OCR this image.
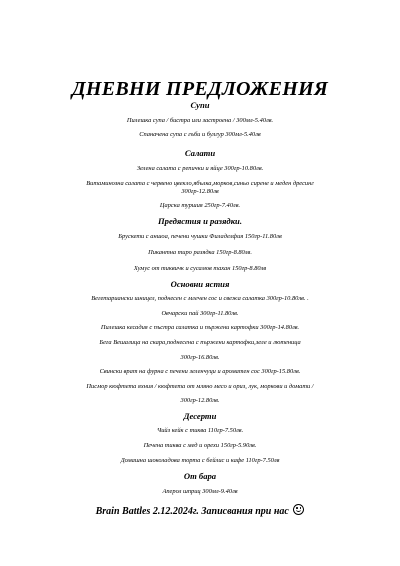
ДНЕВНИ ПРЕДЛОЖЕНИЯ
Супи
Пилешка супа / бистра или застроена / 300мл-5.40лв.
Спаначена супа с гъби и булгур 300мл-5.40лв
Салати
Зелена салата с репички и яйце 300гр-10.80лв.
Витаминозна салата с червено цвекло,ябълка,морков,синьо сирене и меден дресинг
300гр-12.80лв
Царска туршия 250гр-7.40лв.
Предястия и разядки.
Брускети с аншоа, печени чушки Филаделфия 150гр-11.80лв
Пикантна тиро разядка 150гр-8.80лв.
Хумус от тиквичк и сусамов тахан 150гр-8.80лв
Основни ястия
Вегетариански шницел, поднесен с млечен сос и свежа салатка 300гр-10.80лв. .
Овчарски пай 300гр-11.80лв.
Пилешка кесадия с пъстра салатка и пържени картофки 300гр-14.80лв.
Бега Вешалица на скара,поднесена с пържени картофки,зеле и лютеница
300гр-16.80лв.
Свински врат на фурна с печени зеленчуци и ароматен сос 300гр-15.80лв.
Писмор кюфтета яхния / кюфтета от мляно месо и ориз, лук, моркови и домати /
300гр-12.80лв.
Десерти
Чийз кейк с тиква 110гр-7.50лв.
Печена тиква с мед и орехи 150гр-5.90лв.
Домашна шоколадова торта с бейлис и кафе 110гр-7.50лв
От бара
Аперол шприц 300мл-9.40лв
Brain Battles 2.12.2024г. Записвания при нас
